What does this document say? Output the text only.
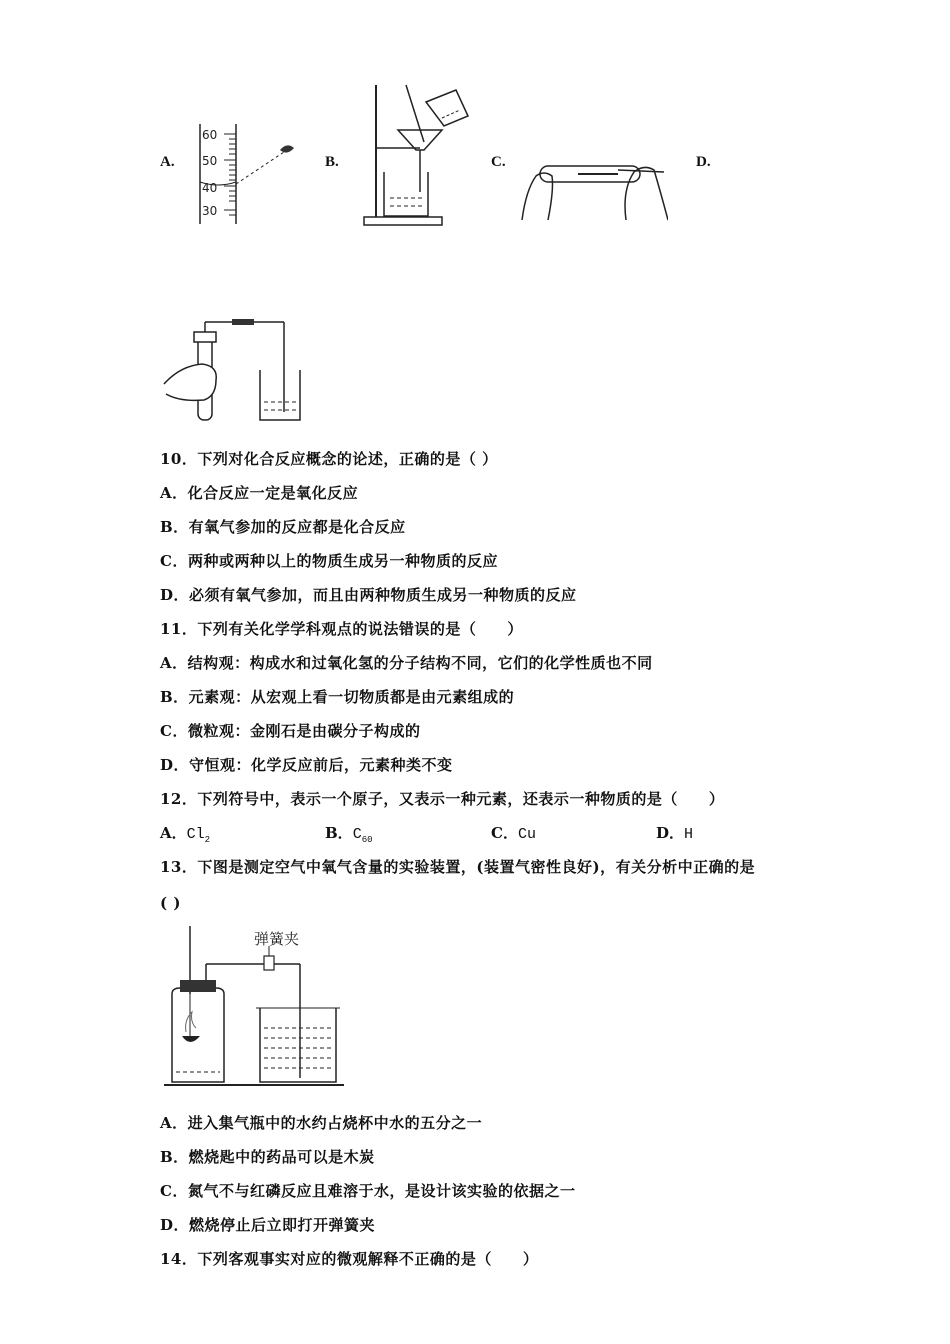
A.
60
50
40
30
B.	C.	D.
10．下列对化合反应概念的论述，正确的是（ ）
A．化合反应一定是氧化反应
B．有氧气参加的反应都是化合反应
C．两种或两种以上的物质生成另一种物质的反应
D．必须有氧气参加，而且由两种物质生成另一种物质的反应
11．下列有关化学学科观点的说法错误的是（　　）
A．结构观：构成水和过氧化氢的分子结构不同，它们的化学性质也不同
B．元素观：从宏观上看一切物质都是由元素组成的
C．微粒观：金刚石是由碳分子构成的
D．守恒观：化学反应前后，元素种类不变
12．下列符号中，表示一个原子，又表示一种元素，还表示一种物质的是（　　）
A．$Cl_2$	B．$C_{60}$	C．Cu	D．H
13．下图是测定空气中氧气含量的实验装置，(装置气密性良好)，有关分析中正确的是
( )
弹簧夹
A．进入集气瓶中的水约占烧杯中水的五分之一
B．燃烧匙中的药品可以是木炭
C．氮气不与红磷反应且难溶于水，是设计该实验的依据之一
D．燃烧停止后立即打开弹簧夹
14．下列客观事实对应的微观解释不正确的是（　　）
